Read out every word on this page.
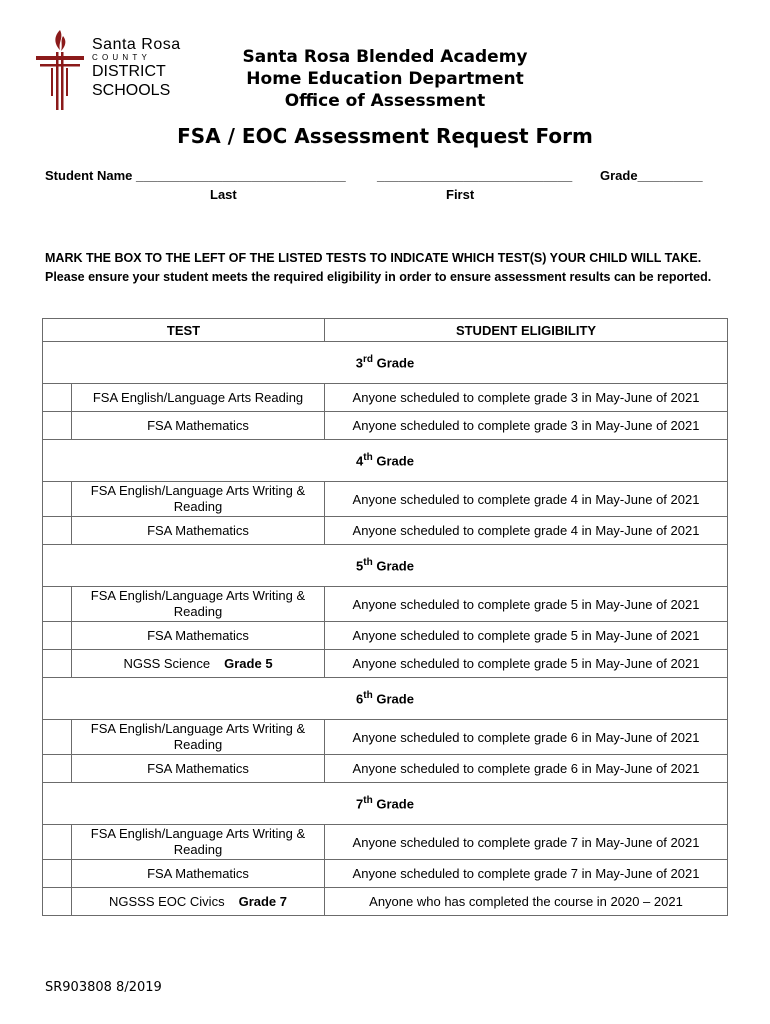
Santa Rosa
COUNTY
DISTRICT
SCHOOLS
Santa Rosa Blended Academy
Home Education Department
Office of Assessment
FSA / EOC Assessment Request Form
Student Name _____________________________ ___________________________ Grade_________
Last	First
MARK THE BOX TO THE LEFT OF THE LISTED TESTS TO INDICATE WHICH TEST(S) YOUR CHILD WILL TAKE. Please ensure your student meets the required eligibility in order to ensure assessment results can be reported.
TEST		STUDENT ELIGIBILITY
3rd Grade		
	FSA English/Language Arts Reading	Anyone scheduled to complete grade 3 in May-June of 2021
	FSA Mathematics	Anyone scheduled to complete grade 3 in May-June of 2021
4th Grade		
	FSA English/Language Arts Writing & Reading	Anyone scheduled to complete grade 4 in May-June of 2021
	FSA Mathematics	Anyone scheduled to complete grade 4 in May-June of 2021
5th Grade		
	FSA English/Language Arts Writing & Reading	Anyone scheduled to complete grade 5 in May-June of 2021
	FSA Mathematics	Anyone scheduled to complete grade 5 in May-June of 2021
	NGSS Science Grade 5	Anyone scheduled to complete grade 5 in May-June of 2021
6th Grade		
	FSA English/Language Arts Writing & Reading	Anyone scheduled to complete grade 6 in May-June of 2021
	FSA Mathematics	Anyone scheduled to complete grade 6 in May-June of 2021
7th Grade		
	FSA English/Language Arts Writing & Reading	Anyone scheduled to complete grade 7 in May-June of 2021
	FSA Mathematics	Anyone scheduled to complete grade 7 in May-June of 2021
	NGSSS EOC Civics Grade 7	Anyone who has completed the course in 2020 – 2021
SR903808 8/2019
